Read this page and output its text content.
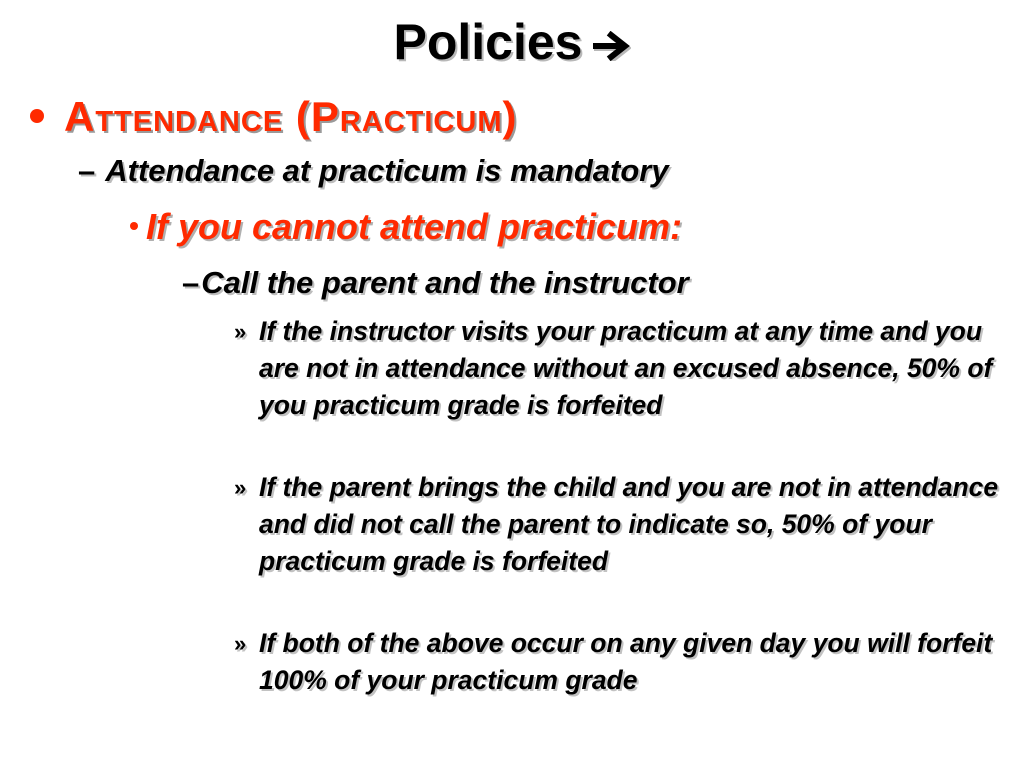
Policies
Attendance (Practicum)
– Attendance at practicum is mandatory
If you cannot attend practicum:
–Call the parent and the instructor
» If the instructor visits your practicum at any time and you are not in attendance without an excused absence, 50% of you practicum grade is forfeited
» If the parent brings the child and you are not in attendance and did not call the parent to indicate so, 50% of your practicum grade is forfeited
» If both of the above occur on any given day you will forfeit 100% of your practicum grade
